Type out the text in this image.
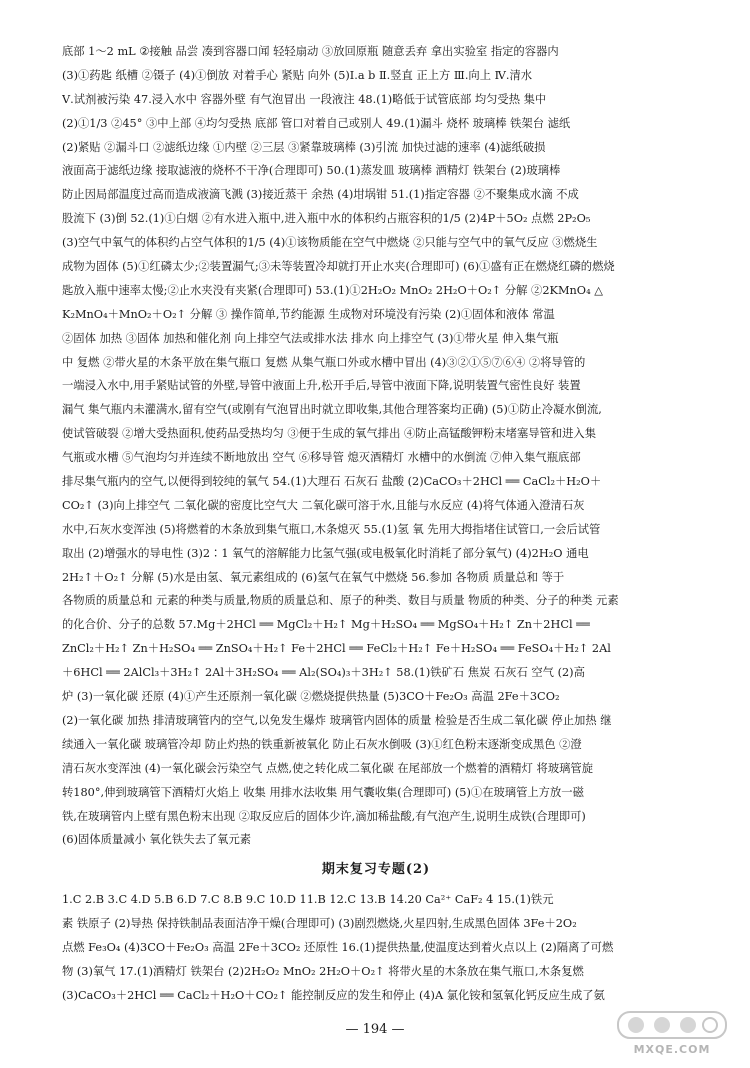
底部 1～2 mL ②接触 品尝 凑到容器口闻 轻轻扇动 ③放回原瓶 随意丢弃 拿出实验室 指定的容器内
(3)①药匙 纸槽 ②镊子 (4)①倒放 对着手心 紧贴 向外 (5)Ⅰ.a b Ⅱ.竖直 正上方 Ⅲ.向上 Ⅳ.清水
Ⅴ.试剂被污染 47.浸入水中 容器外壁 有气泡冒出 一段液注 48.(1)略低于试管底部 均匀受热 集中
(2)①1/3 ②45° ③中上部 ④均匀受热 底部 管口对着自己或别人 49.(1)漏斗 烧杯 玻璃棒 铁架台 滤纸
(2)紧贴 ②漏斗口 ②滤纸边缘 ①内壁 ②三层 ③紧靠玻璃棒 (3)引流 加快过滤的速率 (4)滤纸破损
液面高于滤纸边缘 接取滤液的烧杯不干净(合理即可) 50.(1)蒸发皿 玻璃棒 酒精灯 铁架台 (2)玻璃棒
防止因局部温度过高而造成液滴飞溅 (3)接近蒸干 余热 (4)坩埚钳 51.(1)指定容器 ②不聚集成水滴 不成
股流下 (3)倒 52.(1)①白烟 ②有水进入瓶中,进入瓶中水的体积约占瓶容积的1/5 (2)4P＋5O₂ 点燃 2P₂O₅
(3)空气中氧气的体积约占空气体积的1/5 (4)①该物质能在空气中燃烧 ②只能与空气中的氧气反应 ③燃烧生
成物为固体 (5)①红磷太少;②装置漏气;③未等装置冷却就打开止水夹(合理即可) (6)①盛有正在燃烧红磷的燃烧
匙放入瓶中速率太慢;②止水夹没有夹紧(合理即可) 53.(1)①2H₂O₂ MnO₂ 2H₂O＋O₂↑ 分解 ②2KMnO₄ △
K₂MnO₄＋MnO₂＋O₂↑ 分解 ③ 操作简单,节约能源 生成物对环境没有污染 (2)①固体和液体 常温
②固体 加热 ③固体 加热和催化剂 向上排空气法或排水法 排水 向上排空气 (3)①带火星 伸入集气瓶
中 复燃 ②带火星的木条平放在集气瓶口 复燃 从集气瓶口外或水槽中冒出 (4)③②①⑤⑦⑥④ ②将导管的
一端浸入水中,用手紧贴试管的外壁,导管中液面上升,松开手后,导管中液面下降,说明装置气密性良好 装置
漏气 集气瓶内未灌满水,留有空气(或刚有气泡冒出时就立即收集,其他合理答案均正确) (5)①防止冷凝水倒流,
使试管破裂 ②增大受热面积,使药品受热均匀 ③便于生成的氧气排出 ④防止高锰酸钾粉末堵塞导管和进入集
气瓶或水槽 ⑤气泡均匀并连续不断地放出 空气 ⑥移导管 熄灭酒精灯 水槽中的水倒流 ⑦伸入集气瓶底部
排尽集气瓶内的空气,以便得到较纯的氧气 54.(1)大理石 石灰石 盐酸 (2)CaCO₃＋2HCl ══ CaCl₂＋H₂O＋
CO₂↑ (3)向上排空气 二氧化碳的密度比空气大 二氧化碳可溶于水,且能与水反应 (4)将气体通入澄清石灰
水中,石灰水变浑浊 (5)将燃着的木条放到集气瓶口,木条熄灭 55.(1)氢 氧 先用大拇指堵住试管口,一会后试管
取出 (2)增强水的导电性 (3)2∶1 氧气的溶解能力比氢气强(或电极氧化时消耗了部分氧气) (4)2H₂O 通电
2H₂↑＋O₂↑ 分解 (5)水是由氢、氧元素组成的 (6)氢气在氧气中燃烧 56.参加 各物质 质量总和 等于
各物质的质量总和 元素的种类与质量,物质的质量总和、原子的种类、数目与质量 物质的种类、分子的种类 元素
的化合价、分子的总数 57.Mg＋2HCl ══ MgCl₂＋H₂↑ Mg＋H₂SO₄ ══ MgSO₄＋H₂↑ Zn＋2HCl ══
ZnCl₂＋H₂↑ Zn＋H₂SO₄ ══ ZnSO₄＋H₂↑ Fe＋2HCl ══ FeCl₂＋H₂↑ Fe＋H₂SO₄ ══ FeSO₄＋H₂↑ 2Al
＋6HCl ══ 2AlCl₃＋3H₂↑ 2Al＋3H₂SO₄ ══ Al₂(SO₄)₃＋3H₂↑ 58.(1)铁矿石 焦炭 石灰石 空气 (2)高
炉 (3)一氧化碳 还原 (4)①产生还原剂一氧化碳 ②燃烧提供热量 (5)3CO＋Fe₂O₃ 高温 2Fe＋3CO₂
(2)一氧化碳 加热 排清玻璃管内的空气,以免发生爆炸 玻璃管内固体的质量 检验是否生成二氧化碳 停止加热 继
续通入一氧化碳 玻璃管冷却 防止灼热的铁重新被氧化 防止石灰水倒吸 (3)①红色粉末逐渐变成黑色 ②澄
清石灰水变浑浊 (4)一氧化碳会污染空气 点燃,使之转化成二氧化碳 在尾部放一个燃着的酒精灯 将玻璃管旋
转180°,伸到玻璃管下酒精灯火焰上 收集 用排水法收集 用气囊收集(合理即可) (5)①在玻璃管上方放一磁
铁,在玻璃管内上壁有黑色粉末出现 ②取反应后的固体少许,滴加稀盐酸,有气泡产生,说明生成铁(合理即可)
(6)固体质量减小 氧化铁失去了氧元素
期末复习专题(2)
1.C 2.B 3.C 4.D 5.B 6.D 7.C 8.B 9.C 10.D 11.B 12.C 13.B 14.20 Ca²⁺ CaF₂ 4 15.(1)铁元
素 铁原子 (2)导热 保持铁制品表面洁净干燥(合理即可) (3)剧烈燃烧,火星四射,生成黑色固体 3Fe＋2O₂
点燃 Fe₃O₄ (4)3CO＋Fe₂O₃ 高温 2Fe＋3CO₂ 还原性 16.(1)提供热量,使温度达到着火点以上 (2)隔离了可燃
物 (3)氧气 17.(1)酒精灯 铁架台 (2)2H₂O₂ MnO₂ 2H₂O＋O₂↑ 将带火星的木条放在集气瓶口,木条复燃
(3)CaCO₃＋2HCl ══ CaCl₂＋H₂O＋CO₂↑ 能控制反应的发生和停止 (4)A 氯化铵和氢氧化钙反应生成了氨
— 194 —
MXQE.COM
